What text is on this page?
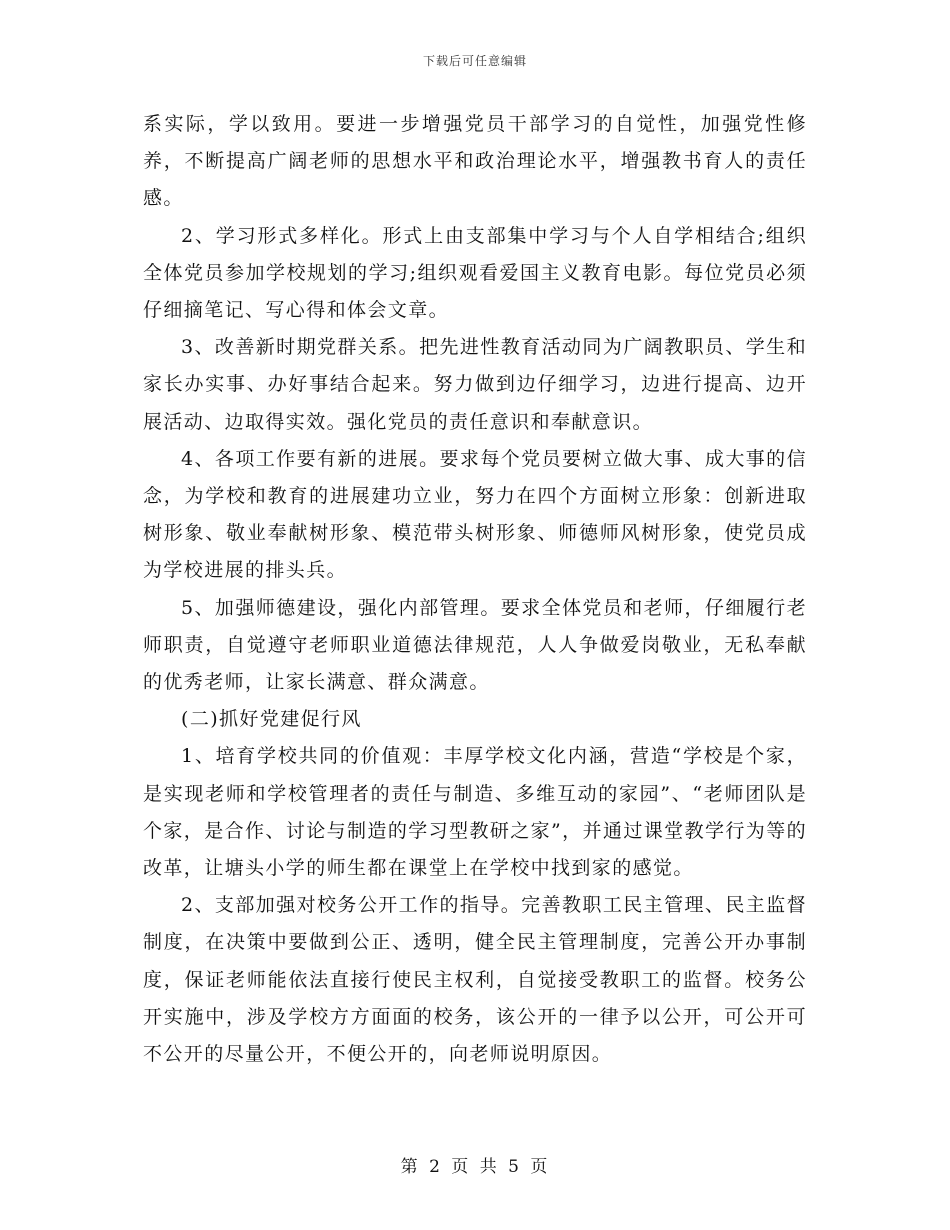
下载后可任意编辑

系实际，学以致用。要进一步增强党员干部学习的自觉性，加强党性修养，不断提高广阔老师的思想水平和政治理论水平，增强教书育人的责任感。

2、学习形式多样化。形式上由支部集中学习与个人自学相结合;组织全体党员参加学校规划的学习;组织观看爱国主义教育电影。每位党员必须仔细摘笔记、写心得和体会文章。

3、改善新时期党群关系。把先进性教育活动同为广阔教职员、学生和家长办实事、办好事结合起来。努力做到边仔细学习，边进行提高、边开展活动、边取得实效。强化党员的责任意识和奉献意识。

4、各项工作要有新的进展。要求每个党员要树立做大事、成大事的信念，为学校和教育的进展建功立业，努力在四个方面树立形象：创新进取树形象、敬业奉献树形象、模范带头树形象、师德师风树形象，使党员成为学校进展的排头兵。

5、加强师德建设，强化内部管理。要求全体党员和老师，仔细履行老师职责，自觉遵守老师职业道德法律规范，人人争做爱岗敬业，无私奉献的优秀老师，让家长满意、群众满意。

(二)抓好党建促行风

1、培育学校共同的价值观：丰厚学校文化内涵，营造“学校是个家，是实现老师和学校管理者的责任与制造、多维互动的家园”、“老师团队是个家，是合作、讨论与制造的学习型教研之家”，并通过课堂教学行为等的改革，让塘头小学的师生都在课堂上在学校中找到家的感觉。

2、支部加强对校务公开工作的指导。完善教职工民主管理、民主监督制度，在决策中要做到公正、透明，健全民主管理制度，完善公开办事制度，保证老师能依法直接行使民主权利，自觉接受教职工的监督。校务公开实施中，涉及学校方方面面的校务，该公开的一律予以公开，可公开可不公开的尽量公开，不便公开的，向老师说明原因。

第 2 页 共 5 页
